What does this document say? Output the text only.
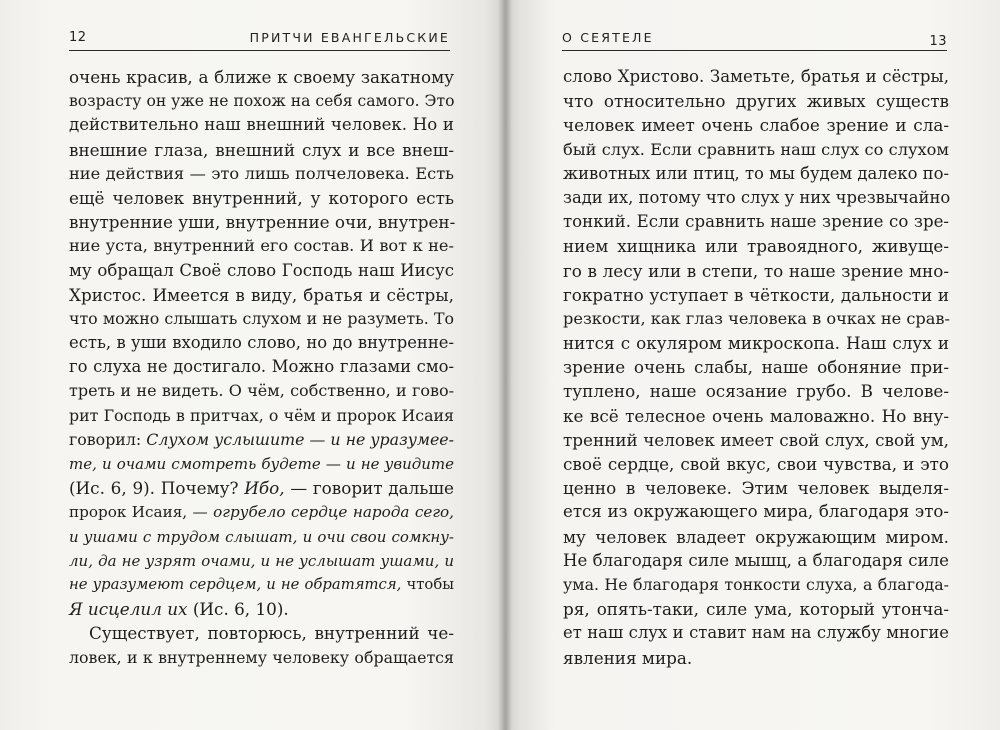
12	ПРИТЧИ ЕВАНГЕЛЬСКИЕ
очень красив, а ближе к своему закатному
возрасту он уже не похож на себя самого. Это
действительно наш внешний человек. Но и
внешние глаза, внешний слух и все внеш-
ние действия — это лишь полчеловека. Есть
ещё человек внутренний, у которого есть
внутренние уши, внутренние очи, внутрен-
ние уста, внутренний его состав. И вот к не-
му обращал Своё слово Господь наш Иисус
Христос. Имеется в виду, братья и сёстры,
что можно слышать слухом и не разуметь. То
есть, в уши входило слово, но до внутренне-
го слуха не достигало. Можно глазами смо-
треть и не видеть. О чём, собственно, и гово-
рит Господь в притчах, о чём и пророк Исаия
говорил: Слухом услышите — и не уразумее-
те, и очами смотреть будете — и не увидите
(Ис. 6, 9). Почему? Ибо, — говорит дальше
пророк Исаия, — огрубело сердце народа сего,
и ушами с трудом слышат, и очи свои сомкну-
ли, да не узрят очами, и не услышат ушами, и
не уразумеют сердцем, и не обратятся, чтобы
Я исцелил их (Ис. 6, 10).
Существует, повторюсь, внутренний че-
ловек, и к внутреннему человеку обращается
О СЕЯТЕЛЕ	13
слово Христово. Заметьте, братья и сёстры,
что относительно других живых существ
человек имеет очень слабое зрение и сла-
бый слух. Если сравнить наш слух со слухом
животных или птиц, то мы будем далеко по-
зади их, потому что слух у них чрезвычайно
тонкий. Если сравнить наше зрение со зре-
нием хищника или травоядного, живуще-
го в лесу или в степи, то наше зрение мно-
гократно уступает в чёткости, дальности и
резкости, как глаз человека в очках не срав-
нится с окуляром микроскопа. Наш слух и
зрение очень слабы, наше обоняние при-
туплено, наше осязание грубо. В челове-
ке всё телесное очень маловажно. Но вну-
тренний человек имеет свой слух, свой ум,
своё сердце, свой вкус, свои чувства, и это
ценно в человеке. Этим человек выделя-
ется из окружающего мира, благодаря это-
му человек владеет окружающим миром.
Не благодаря силе мышц, а благодаря силе
ума. Не благодаря тонкости слуха, а благода-
ря, опять-таки, силе ума, который утонча-
ет наш слух и ставит нам на службу многие
явления мира.
